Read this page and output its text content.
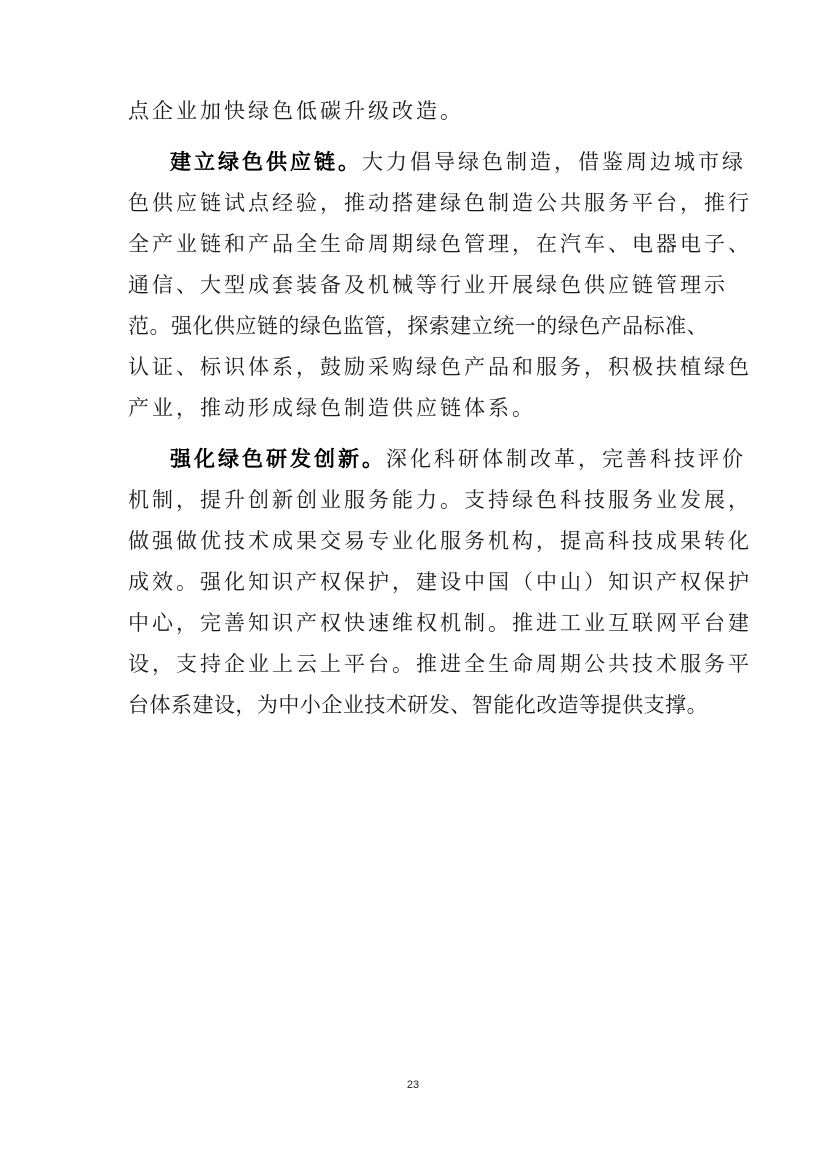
点企业加快绿色低碳升级改造。
建立绿色供应链。大力倡导绿色制造，借鉴周边城市绿
色供应链试点经验，推动搭建绿色制造公共服务平台，推行
全产业链和产品全生命周期绿色管理，在汽车、电器电子、
通信、大型成套装备及机械等行业开展绿色供应链管理示
范。强化供应链的绿色监管，探索建立统一的绿色产品标准、
认证、标识体系，鼓励采购绿色产品和服务，积极扶植绿色
产业，推动形成绿色制造供应链体系。
强化绿色研发创新。深化科研体制改革，完善科技评价
机制，提升创新创业服务能力。支持绿色科技服务业发展，
做强做优技术成果交易专业化服务机构，提高科技成果转化
成效。强化知识产权保护，建设中国（中山）知识产权保护
中心，完善知识产权快速维权机制。推进工业互联网平台建
设，支持企业上云上平台。推进全生命周期公共技术服务平
台体系建设，为中小企业技术研发、智能化改造等提供支撑。
23
